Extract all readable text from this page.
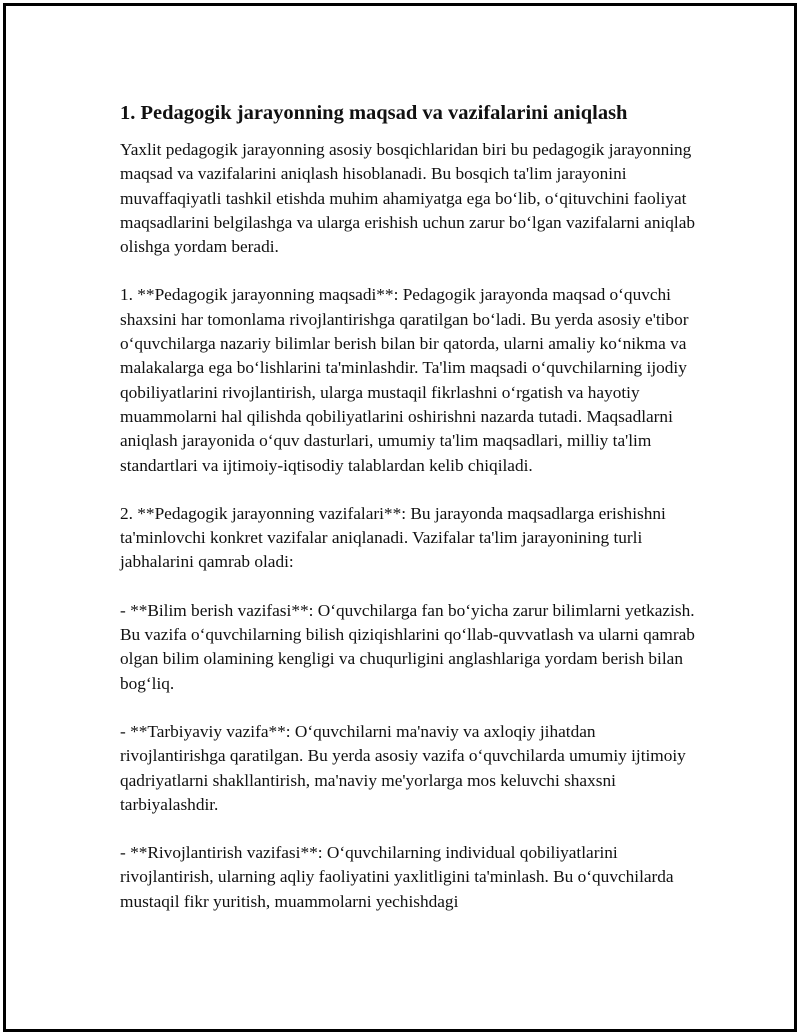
1. Pedagogik jarayonning maqsad va vazifalarini aniqlash

Yaxlit pedagogik jarayonning asosiy bosqichlaridan biri bu pedagogik jarayonning maqsad va vazifalarini aniqlash hisoblanadi. Bu bosqich ta'lim jarayonini muvaffaqiyatli tashkil etishda muhim ahamiyatga ega bo‘lib, o‘qituvchini faoliyat maqsadlarini belgilashga va ularga erishish uchun zarur bo‘lgan vazifalarni aniqlab olishga yordam beradi.

1. **Pedagogik jarayonning maqsadi**: Pedagogik jarayonda maqsad o‘quvchi shaxsini har tomonlama rivojlantirishga qaratilgan bo‘ladi. Bu yerda asosiy e'tibor o‘quvchilarga nazariy bilimlar berish bilan bir qatorda, ularni amaliy ko‘nikma va malakalarga ega bo‘lishlarini ta'minlashdir. Ta'lim maqsadi o‘quvchilarning ijodiy qobiliyatlarini rivojlantirish, ularga mustaqil fikrlashni o‘rgatish va hayotiy muammolarni hal qilishda qobiliyatlarini oshirishni nazarda tutadi. Maqsadlarni aniqlash jarayonida o‘quv dasturlari, umumiy ta'lim maqsadlari, milliy ta'lim standartlari va ijtimoiy-iqtisodiy talablardan kelib chiqiladi.

2. **Pedagogik jarayonning vazifalari**: Bu jarayonda maqsadlarga erishishni ta'minlovchi konkret vazifalar aniqlanadi. Vazifalar ta'lim jarayonining turli jabhalarini qamrab oladi:

- **Bilim berish vazifasi**: O‘quvchilarga fan bo‘yicha zarur bilimlarni yetkazish. Bu vazifa o‘quvchilarning bilish qiziqishlarini qo‘llab-quvvatlash va ularni qamrab olgan bilim olamining kengligi va chuqurligini anglashlariga yordam berish bilan bog‘liq.

- **Tarbiyaviy vazifa**: O‘quvchilarni ma'naviy va axloqiy jihatdan rivojlantirishga qaratilgan. Bu yerda asosiy vazifa o‘quvchilarda umumiy ijtimoiy qadriyatlarni shakllantirish, ma'naviy me'yorlarga mos keluvchi shaxsni tarbiyalashdir.

- **Rivojlantirish vazifasi**: O‘quvchilarning individual qobiliyatlarini rivojlantirish, ularning aqliy faoliyatini yaxlitligini ta'minlash. Bu o‘quvchilarda mustaqil fikr yuritish, muammolarni yechishdagi
